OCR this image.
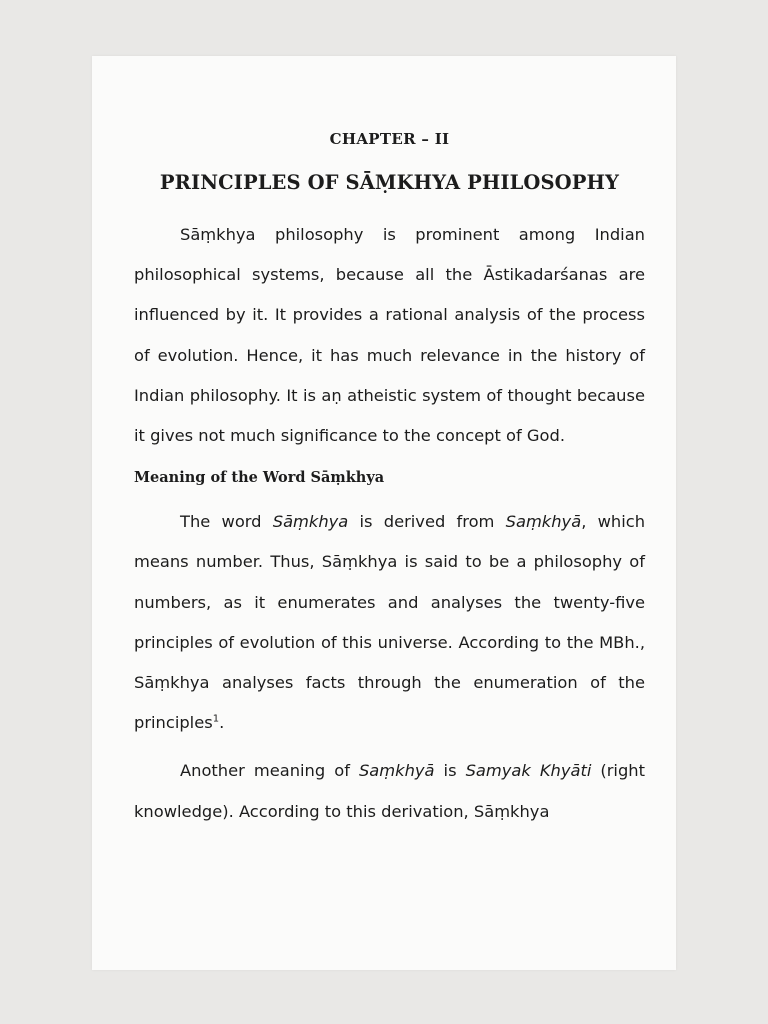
CHAPTER – II
PRINCIPLES OF SĀṂKHYA PHILOSOPHY

Sāṃkhya philosophy is prominent among Indian philosophical systems, because all the Āstikadarśanas are influenced by it. It provides a rational analysis of the process of evolution. Hence, it has much relevance in the history of Indian philosophy. It is aṇ atheistic system of thought because it gives not much significance to the concept of God.

Meaning of the Word Sāṃkhya

The word Sāṃkhya is derived from Saṃkhyā, which means number. Thus, Sāṃkhya is said to be a philosophy of numbers, as it enumerates and analyses the twenty-five principles of evolution of this universe. According to the MBh., Sāṃkhya analyses facts through the enumeration of the principles$^1$.

Another meaning of Saṃkhyā is Samyak Khyāti (right knowledge). According to this derivation, Sāṃkhya
